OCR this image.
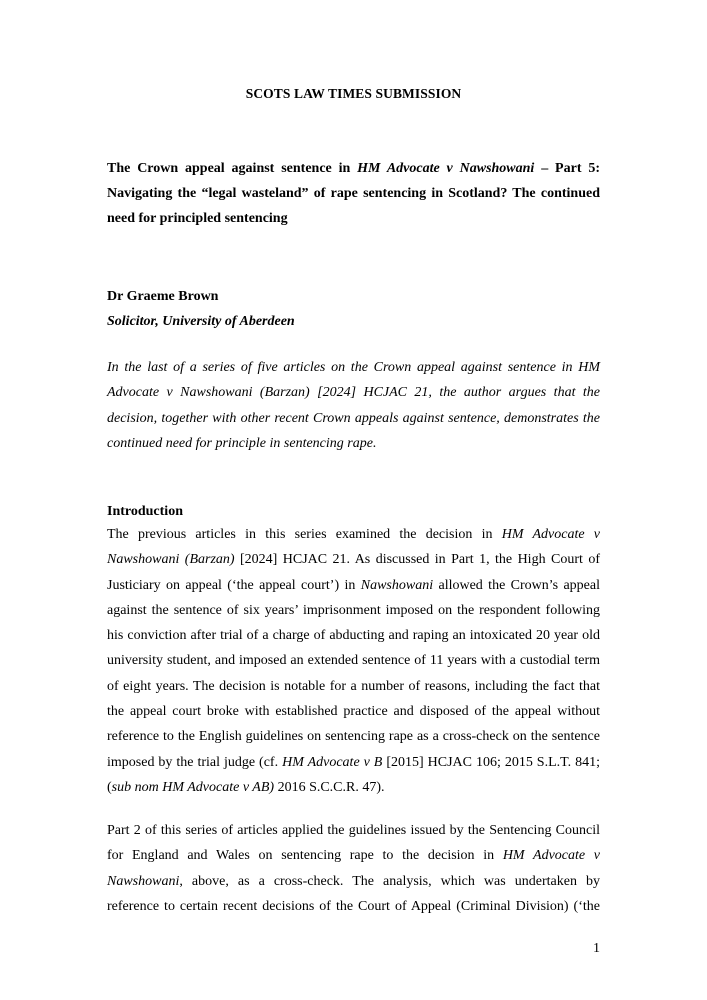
SCOTS LAW TIMES SUBMISSION
The Crown appeal against sentence in HM Advocate v Nawshowani – Part 5:
Navigating the “legal wasteland” of rape sentencing in Scotland? The continued
need for principled sentencing
Dr Graeme Brown
Solicitor, University of Aberdeen
In the last of a series of five articles on the Crown appeal against sentence in HM
Advocate v Nawshowani (Barzan) [2024] HCJAC 21, the author argues that the
decision, together with other recent Crown appeals against sentence, demonstrates the
continued need for principle in sentencing rape.
Introduction
The previous articles in this series examined the decision in HM Advocate v
Nawshowani (Barzan) [2024] HCJAC 21. As discussed in Part 1, the High Court of
Justiciary on appeal (‘the appeal court’) in Nawshowani allowed the Crown’s appeal
against the sentence of six years’ imprisonment imposed on the respondent following
his conviction after trial of a charge of abducting and raping an intoxicated 20 year old
university student, and imposed an extended sentence of 11 years with a custodial term
of eight years. The decision is notable for a number of reasons, including the fact that
the appeal court broke with established practice and disposed of the appeal without
reference to the English guidelines on sentencing rape as a cross-check on the sentence
imposed by the trial judge (cf. HM Advocate v B [2015] HCJAC 106; 2015 S.L.T. 841;
(sub nom HM Advocate v AB) 2016 S.C.C.R. 47).
Part 2 of this series of articles applied the guidelines issued by the Sentencing Council
for England and Wales on sentencing rape to the decision in HM Advocate v
Nawshowani, above, as a cross-check. The analysis, which was undertaken by
reference to certain recent decisions of the Court of Appeal (Criminal Division) (‘the
1
